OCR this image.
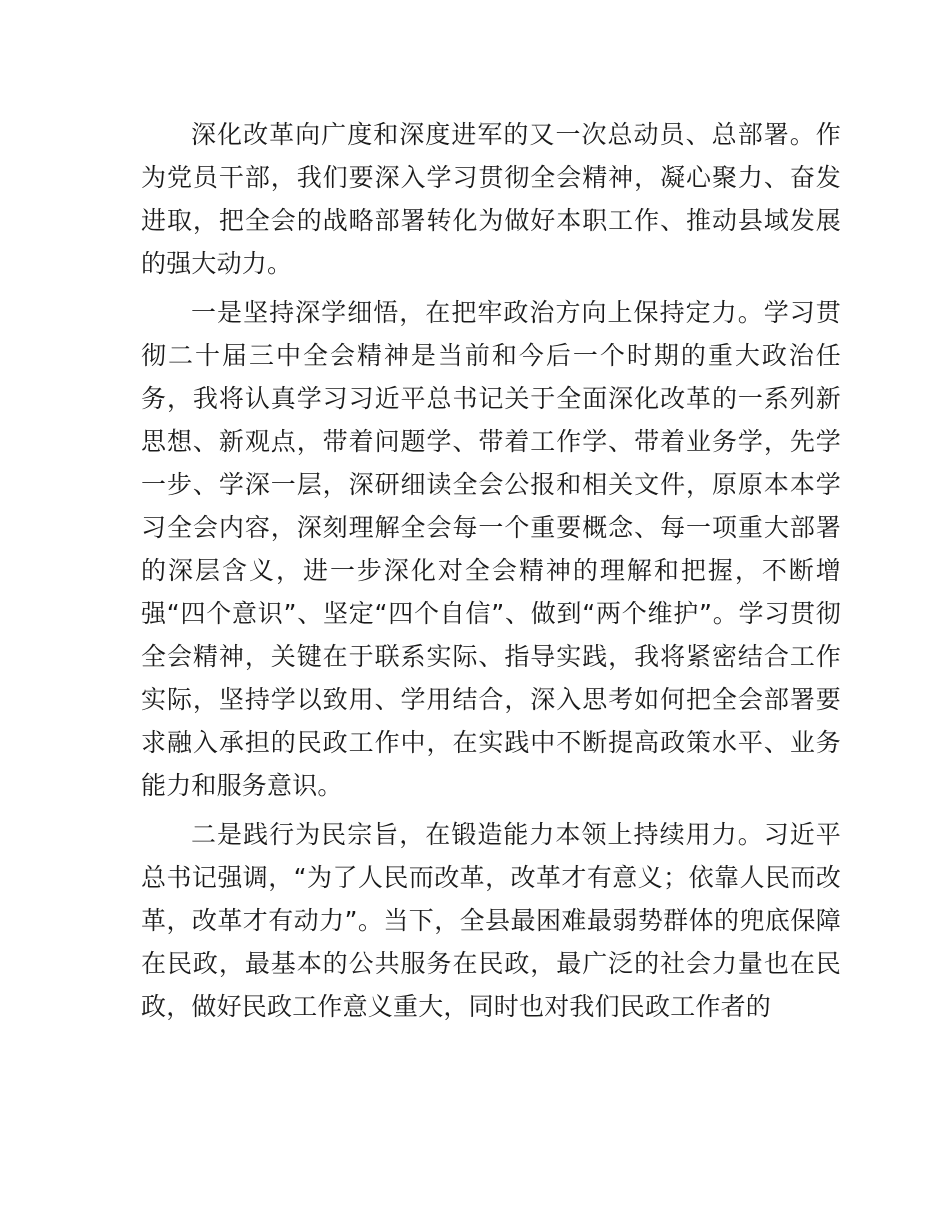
深化改革向广度和深度进军的又一次总动员、总部署。作为党员干部，我们要深入学习贯彻全会精神，凝心聚力、奋发进取，把全会的战略部署转化为做好本职工作、推动县域发展的强大动力。

一是坚持深学细悟，在把牢政治方向上保持定力。学习贯彻二十届三中全会精神是当前和今后一个时期的重大政治任务，我将认真学习习近平总书记关于全面深化改革的一系列新思想、新观点，带着问题学、带着工作学、带着业务学，先学一步、学深一层，深研细读全会公报和相关文件，原原本本学习全会内容，深刻理解全会每一个重要概念、每一项重大部署的深层含义，进一步深化对全会精神的理解和把握，不断增强“四个意识”、坚定“四个自信”、做到“两个维护”。学习贯彻全会精神，关键在于联系实际、指导实践，我将紧密结合工作实际，坚持学以致用、学用结合，深入思考如何把全会部署要求融入承担的民政工作中，在实践中不断提高政策水平、业务能力和服务意识。

二是践行为民宗旨，在锻造能力本领上持续用力。习近平总书记强调，“为了人民而改革，改革才有意义；依靠人民而改革，改革才有动力”。当下，全县最困难最弱势群体的兜底保障在民政，最基本的公共服务在民政，最广泛的社会力量也在民政，做好民政工作意义重大，同时也对我们民政工作者的
